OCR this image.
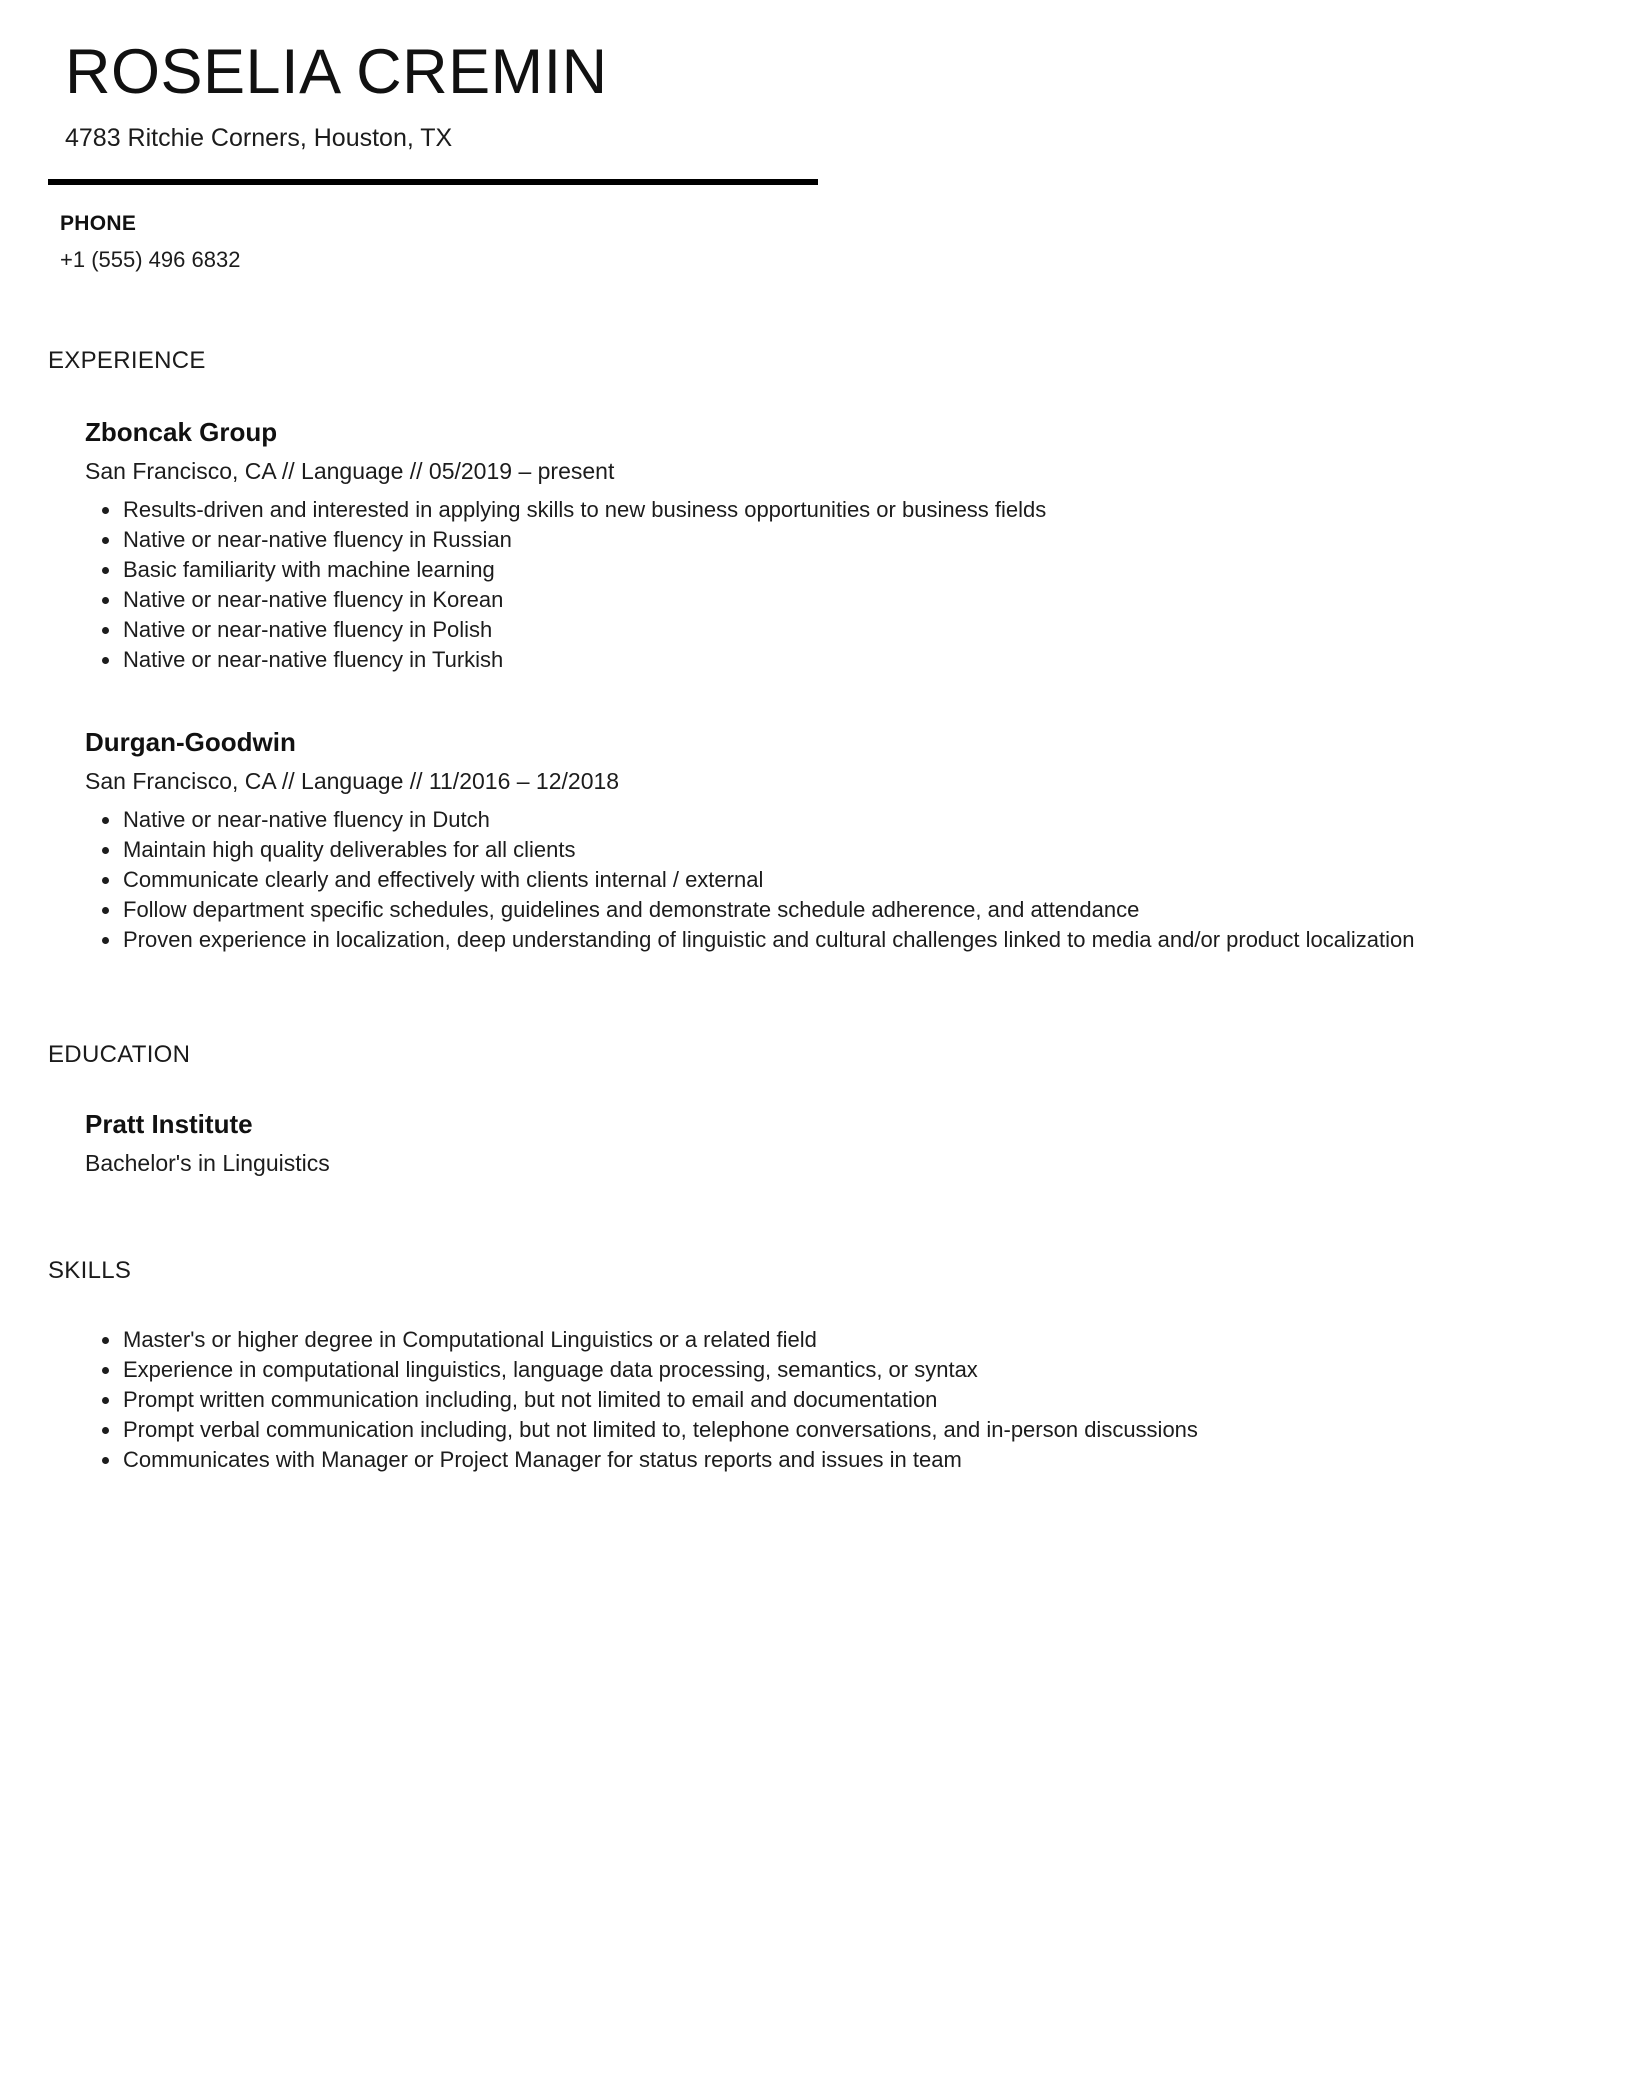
ROSELIA CREMIN

4783 Ritchie Corners, Houston, TX

PHONE
+1 (555) 496 6832
EXPERIENCE
Zboncak Group

San Francisco, CA // Language // 05/2019 – present

• Results-driven and interested in applying skills to new business opportunities or business fields
• Native or near-native fluency in Russian
• Basic familiarity with machine learning
• Native or near-native fluency in Korean
• Native or near-native fluency in Polish
• Native or near-native fluency in Turkish
Durgan-Goodwin

San Francisco, CA // Language // 11/2016 – 12/2018

• Native or near-native fluency in Dutch
• Maintain high quality deliverables for all clients
• Communicate clearly and effectively with clients internal / external
• Follow department specific schedules, guidelines and demonstrate schedule adherence, and attendance
• Proven experience in localization, deep understanding of linguistic and cultural challenges linked to media and/or product localization
EDUCATION
Pratt Institute

Bachelor's in Linguistics

SKILLS
• Master's or higher degree in Computational Linguistics or a related field
• Experience in computational linguistics, language data processing, semantics, or syntax
• Prompt written communication including, but not limited to email and documentation
• Prompt verbal communication including, but not limited to, telephone conversations, and in-person discussions
• Communicates with Manager or Project Manager for status reports and issues in team
